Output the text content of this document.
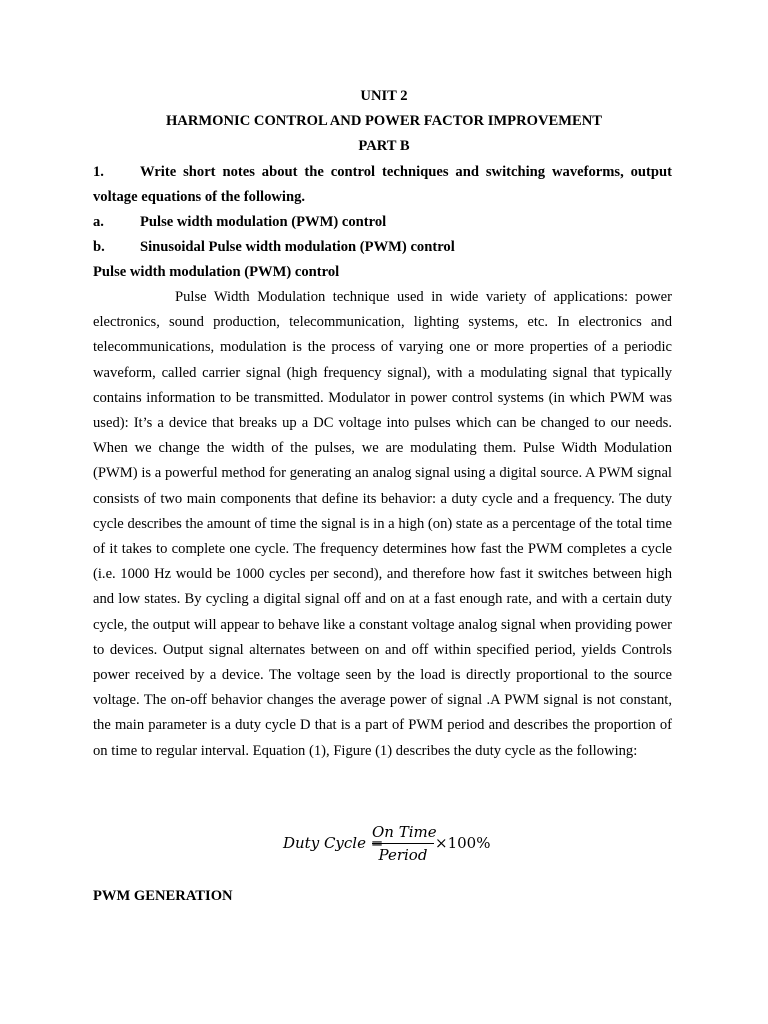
UNIT 2
HARMONIC CONTROL AND POWER FACTOR IMPROVEMENT
PART B
1. Write short notes about the control techniques and switching waveforms, output
voltage equations of the following.
a. Pulse width modulation (PWM) control
b. Sinusoidal Pulse width modulation (PWM) control
Pulse width modulation (PWM) control
Pulse Width Modulation technique used in wide variety of applications: power electronics, sound production, telecommunication, lighting systems, etc. In electronics and telecommunications, modulation is the process of varying one or more properties of a periodic waveform, called carrier signal (high frequency signal), with a modulating signal that typically contains information to be transmitted. Modulator in power control systems (in which PWM was used): It’s a device that breaks up a DC voltage into pulses which can be changed to our needs. When we change the width of the pulses, we are modulating them. Pulse Width Modulation (PWM) is a powerful method for generating an analog signal using a digital source. A PWM signal consists of two main components that define its behavior: a duty cycle and a frequency. The duty cycle describes the amount of time the signal is in a high (on) state as a percentage of the total time of it takes to complete one cycle. The frequency determines how fast the PWM completes a cycle (i.e. 1000 Hz would be 1000 cycles per second), and therefore how fast it switches between high and low states. By cycling a digital signal off and on at a fast enough rate, and with a certain duty cycle, the output will appear to behave like a constant voltage analog signal when providing power to devices. Output signal alternates between on and off within specified period, yields Controls power received by a device. The voltage seen by the load is directly proportional to the source voltage. The on-off behavior changes the average power of signal .A PWM signal is not constant, the main parameter is a duty cycle D that is a part of PWM period and describes the proportion of on time to regular interval. Equation (1), Figure (1) describes the duty cycle as the following:
Duty Cycle =
On Time
Period
×100%
PWM GENERATION
